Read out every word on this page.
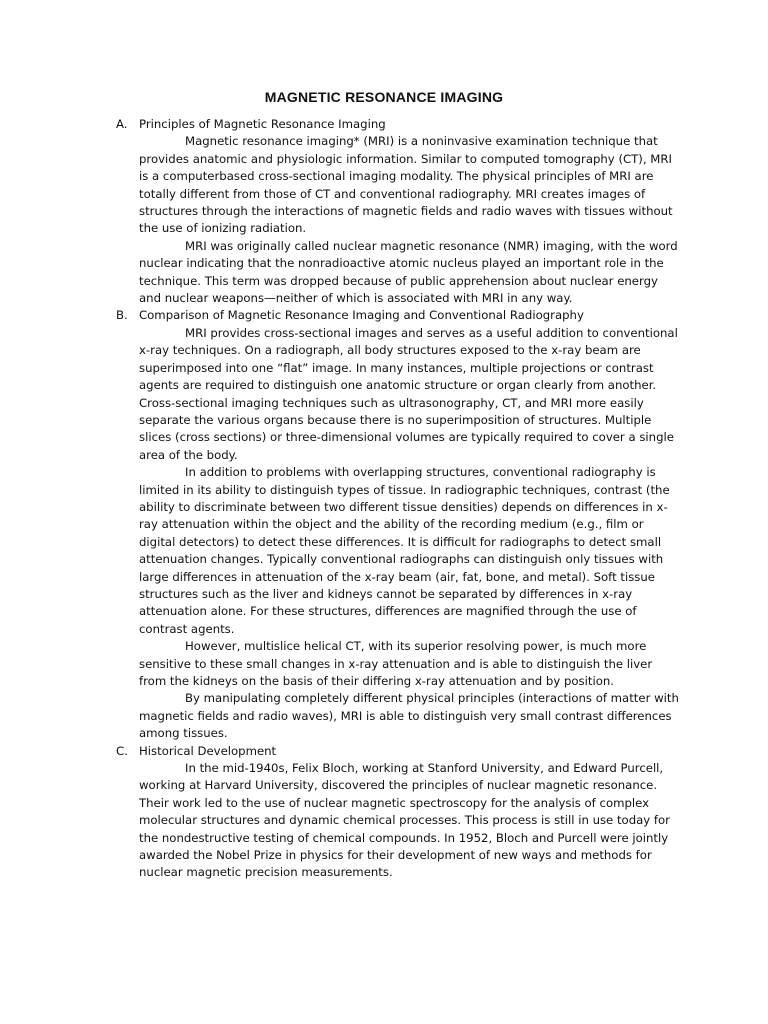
MAGNETIC RESONANCE IMAGING
A. Principles of Magnetic Resonance Imaging

Magnetic resonance imaging* (MRI) is a noninvasive examination technique that provides anatomic and physiologic information. Similar to computed tomography (CT), MRI is a computerbased cross-sectional imaging modality. The physical principles of MRI are totally different from those of CT and conventional radiography. MRI creates images of structures through the interactions of magnetic fields and radio waves with tissues without the use of ionizing radiation.

MRI was originally called nuclear magnetic resonance (NMR) imaging, with the word nuclear indicating that the nonradioactive atomic nucleus played an important role in the technique. This term was dropped because of public apprehension about nuclear energy and nuclear weapons—neither of which is associated with MRI in any way.

B. Comparison of Magnetic Resonance Imaging and Conventional Radiography

MRI provides cross-sectional images and serves as a useful addition to conventional x-ray techniques. On a radiograph, all body structures exposed to the x-ray beam are superimposed into one “flat” image. In many instances, multiple projections or contrast agents are required to distinguish one anatomic structure or organ clearly from another. Cross-sectional imaging techniques such as ultrasonography, CT, and MRI more easily separate the various organs because there is no superimposition of structures. Multiple slices (cross sections) or three-dimensional volumes are typically required to cover a single area of the body.

In addition to problems with overlapping structures, conventional radiography is limited in its ability to distinguish types of tissue. In radiographic techniques, contrast (the ability to discriminate between two different tissue densities) depends on differences in x-ray attenuation within the object and the ability of the recording medium (e.g., film or digital detectors) to detect these differences. It is difficult for radiographs to detect small attenuation changes. Typically conventional radiographs can distinguish only tissues with large differences in attenuation of the x-ray beam (air, fat, bone, and metal). Soft tissue structures such as the liver and kidneys cannot be separated by differences in x-ray attenuation alone. For these structures, differences are magnified through the use of contrast agents.

However, multislice helical CT, with its superior resolving power, is much more sensitive to these small changes in x-ray attenuation and is able to distinguish the liver from the kidneys on the basis of their differing x-ray attenuation and by position.

By manipulating completely different physical principles (interactions of matter with magnetic fields and radio waves), MRI is able to distinguish very small contrast differences among tissues.

C. Historical Development

In the mid-1940s, Felix Bloch, working at Stanford University, and Edward Purcell, working at Harvard University, discovered the principles of nuclear magnetic resonance. Their work led to the use of nuclear magnetic spectroscopy for the analysis of complex molecular structures and dynamic chemical processes. This process is still in use today for the nondestructive testing of chemical compounds. In 1952, Bloch and Purcell were jointly awarded the Nobel Prize in physics for their development of new ways and methods for nuclear magnetic precision measurements.
